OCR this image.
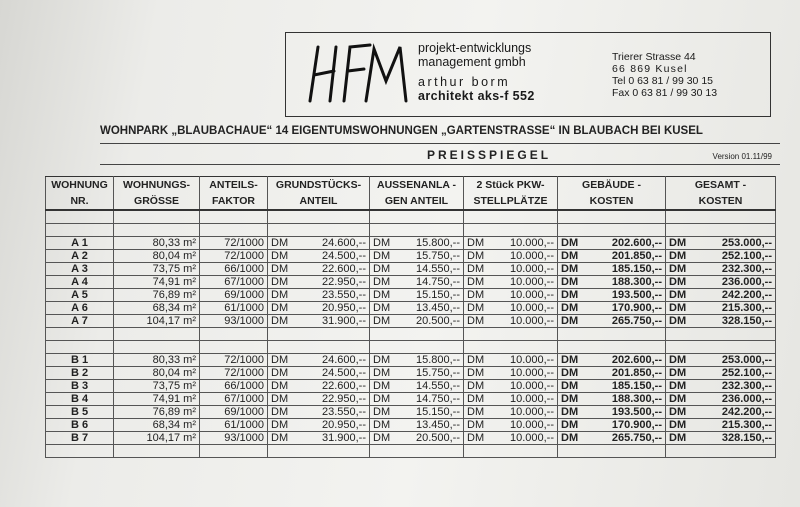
HFM	projekt-entwicklungs
management gmbh
arthur borm
architekt aks-f 552
Trierer Strasse 44
66 869 Kusel
Tel 0 63 81 / 99 30 15
Fax 0 63 81 / 99 30 13
WOHNPARK „BLAUBACHAUE“ 14 EIGENTUMSWOHNUNGEN „GARTENSTRASSE“ IN BLAUBACH BEI KUSEL
PREISSPIEGEL	Version 01.11/99
WOHNUNG	WOHNUNGS-	ANTEILS-	GRUNDSTÜCKS-	AUSSENANLA -	2 Stück PKW-	GEBÄUDE -	GESAMT -
NR.	GRÖSSE	FAKTOR	ANTEIL	GEN ANTEIL	STELLPLÄTZE	KOSTEN	KOSTEN

A 1	80,33 m²	72/1000	DM 24.600,--	DM 15.800,--	DM 10.000,--	DM 202.600,--	DM 253.000,--

A 2	80,04 m²	72/1000	DM 24.500,--	DM 15.750,--	DM 10.000,--	DM 201.850,--	DM 252.100,--

A 3	73,75 m²	66/1000	DM 22.600,--	DM 14.550,--	DM 10.000,--	DM 185.150,--	DM 232.300,--

A 4	74,91 m²	67/1000	DM 22.950,--	DM 14.750,--	DM 10.000,--	DM 188.300,--	DM 236.000,--

A 5	76,89 m²	69/1000	DM 23.550,--	DM 15.150,--	DM 10.000,--	DM 193.500,--	DM 242.200,--

A 6	68,34 m²	61/1000	DM 20.950,--	DM 13.450,--	DM 10.000,--	DM 170.900,--	DM 215.300,--

A 7	104,17 m²	93/1000	DM 31.900,--	DM 20.500,--	DM 10.000,--	DM 265.750,--	DM 328.150,--

B 1	80,33 m²	72/1000	DM 24.600,--	DM 15.800,--	DM 10.000,--	DM 202.600,--	DM 253.000,--

B 2	80,04 m²	72/1000	DM 24.500,--	DM 15.750,--	DM 10.000,--	DM 201.850,--	DM 252.100,--

B 3	73,75 m²	66/1000	DM 22.600,--	DM 14.550,--	DM 10.000,--	DM 185.150,--	DM 232.300,--

B 4	74,91 m²	67/1000	DM 22.950,--	DM 14.750,--	DM 10.000,--	DM 188.300,--	DM 236.000,--

B 5	76,89 m²	69/1000	DM 23.550,--	DM 15.150,--	DM 10.000,--	DM 193.500,--	DM 242.200,--

B 6	68,34 m²	61/1000	DM 20.950,--	DM 13.450,--	DM 10.000,--	DM 170.900,--	DM 215.300,--

B 7	104,17 m²	93/1000	DM 31.900,--	DM 20.500,--	DM 10.000,--	DM 265.750,--	DM 328.150,--
